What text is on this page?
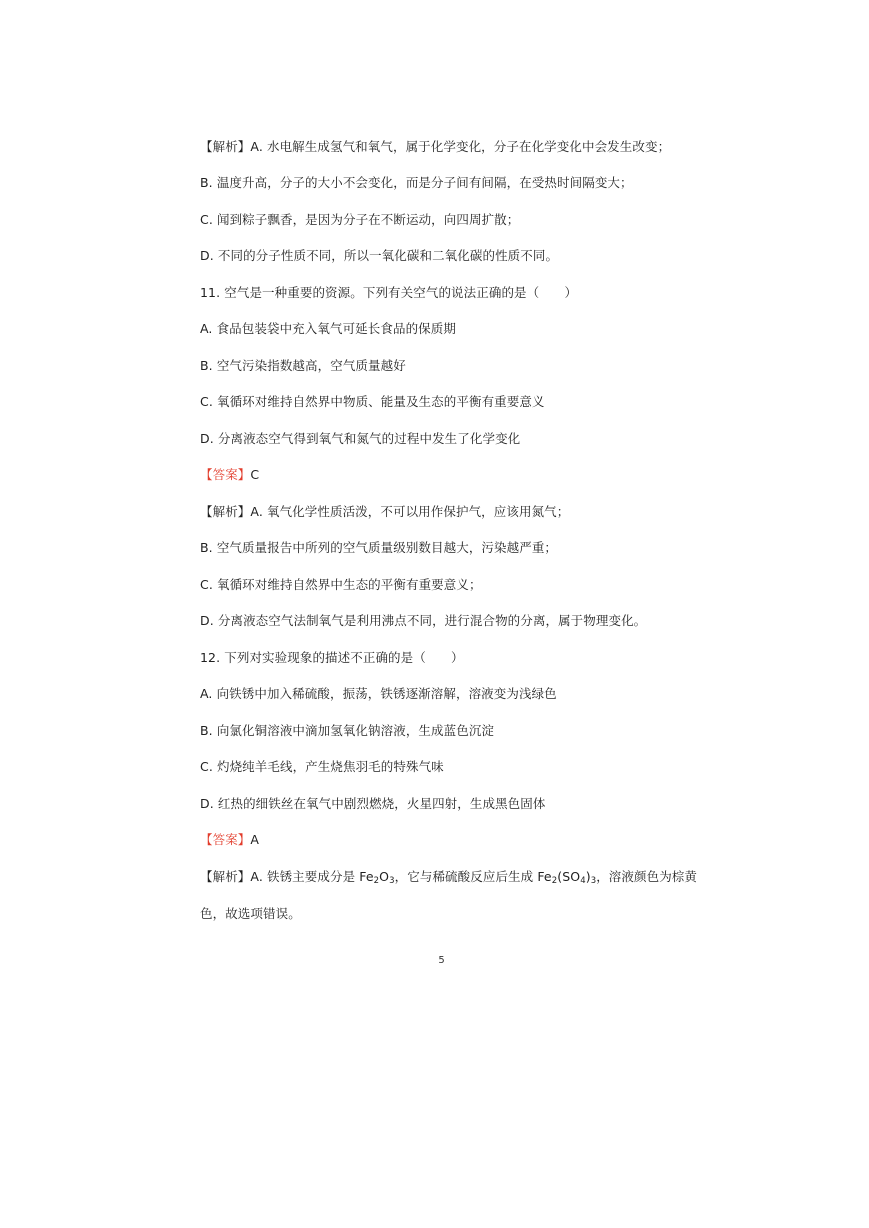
【解析】A. 水电解生成氢气和氧气，属于化学变化，分子在化学变化中会发生改变；
B. 温度升高，分子的大小不会变化，而是分子间有间隔，在受热时间隔变大；
C. 闻到粽子飘香，是因为分子在不断运动，向四周扩散；
D. 不同的分子性质不同，所以一氧化碳和二氧化碳的性质不同。
11. 空气是一种重要的资源。下列有关空气的说法正确的是（　　）
A. 食品包装袋中充入氧气可延长食品的保质期
B. 空气污染指数越高，空气质量越好
C. 氧循环对维持自然界中物质、能量及生态的平衡有重要意义
D. 分离液态空气得到氧气和氮气的过程中发生了化学变化
【答案】C
【解析】A. 氧气化学性质活泼，不可以用作保护气，应该用氮气；
B. 空气质量报告中所列的空气质量级别数目越大，污染越严重；
C. 氧循环对维持自然界中生态的平衡有重要意义；
D. 分离液态空气法制氧气是利用沸点不同，进行混合物的分离，属于物理变化。
12. 下列对实验现象的描述不正确的是（　　）
A. 向铁锈中加入稀硫酸，振荡，铁锈逐渐溶解，溶液变为浅绿色
B. 向氯化铜溶液中滴加氢氧化钠溶液，生成蓝色沉淀
C. 灼烧纯羊毛线，产生烧焦羽毛的特殊气味
D. 红热的细铁丝在氧气中剧烈燃烧，火星四射，生成黑色固体
【答案】A
【解析】A. 铁锈主要成分是 $Fe_2O_3$，它与稀硫酸反应后生成 $Fe_2(SO_4)_3$，溶液颜色为棕黄
色，故选项错误。
5
